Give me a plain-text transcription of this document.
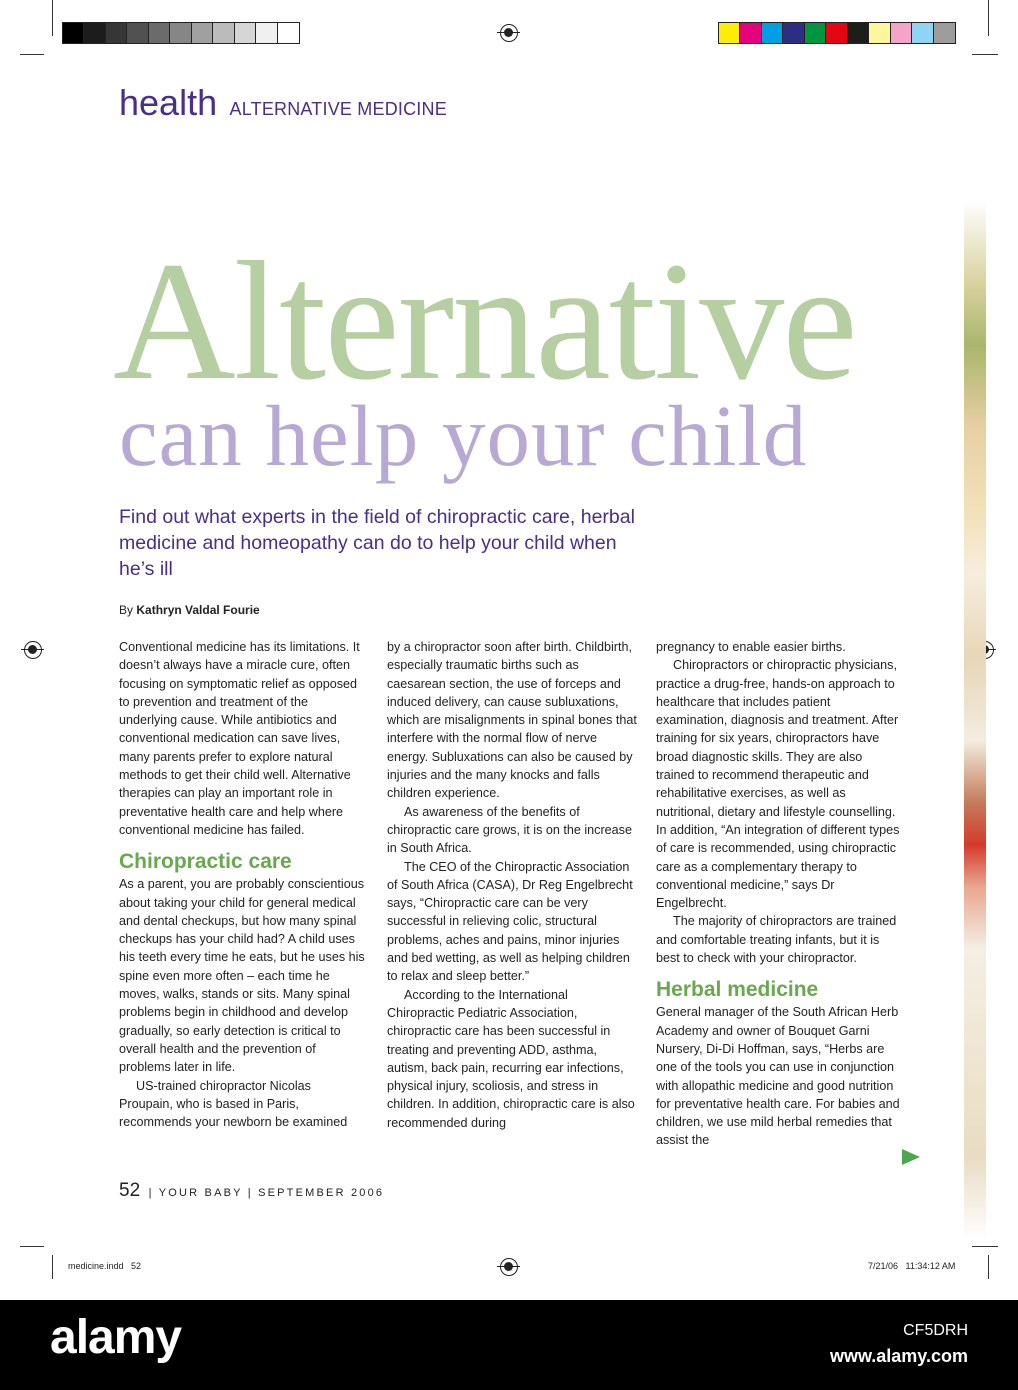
health ALTERNATIVE MEDICINE
Alternative
can help your child
Find out what experts in the field of chiropractic care, herbal medicine and homeopathy can do to help your child when he’s ill
By Kathryn Valdal Fourie

Conventional medicine has its limitations. It doesn’t always have a miracle cure, often focusing on symptomatic relief as opposed to prevention and treatment of the underlying cause. While antibiotics and conventional medication can save lives, many parents prefer to explore natural methods to get their child well. Alternative therapies can play an important role in preventative health care and help where conventional medicine has failed.

Chiropractic care

As a parent, you are probably conscientious about taking your child for general medical and dental checkups, but how many spinal checkups has your child had? A child uses his teeth every time he eats, but he uses his spine even more often – each time he moves, walks, stands or sits. Many spinal problems begin in childhood and develop gradually, so early detection is critical to overall health and the prevention of problems later in life.

US-trained chiropractor Nicolas Proupain, who is based in Paris, recommends your newborn be examined

by a chiropractor soon after birth. Childbirth, especially traumatic births such as caesarean section, the use of forceps and induced delivery, can cause subluxations, which are misalignments in spinal bones that interfere with the normal flow of nerve energy. Subluxations can also be caused by injuries and the many knocks and falls children experience.

As awareness of the benefits of chiropractic care grows, it is on the increase in South Africa.

The CEO of the Chiropractic Association of South Africa (CASA), Dr Reg Engelbrecht says, “Chiropractic care can be very successful in relieving colic, structural problems, aches and pains, minor injuries and bed wetting, as well as helping children to relax and sleep better.”

According to the International Chiropractic Pediatric Association, chiropractic care has been successful in treating and preventing ADD, asthma, autism, back pain, recurring ear infections, physical injury, scoliosis, and stress in children. In addition, chiropractic care is also recommended during

pregnancy to enable easier births.

Chiropractors or chiropractic physicians, practice a drug-free, hands-on approach to healthcare that includes patient examination, diagnosis and treatment. After training for six years, chiropractors have broad diagnostic skills. They are also trained to recommend therapeutic and rehabilitative exercises, as well as nutritional, dietary and lifestyle counselling. In addition, “An integration of different types of care is recommended, using chiropractic care as a complementary therapy to conventional medicine,” says Dr Engelbrecht.

The majority of chiropractors are trained and comfortable treating infants, but it is best to check with your chiropractor.

Herbal medicine

General manager of the South African Herb Academy and owner of Bouquet Garni Nursery, Di-Di Hoffman, says, “Herbs are one of the tools you can use in conjunction with allopathic medicine and good nutrition for preventative health care. For babies and children, we use mild herbal remedies that assist the

52 | YOUR BABY | SEPTEMBER 2006
medicine.indd   52	7/21/06   11:34:12 AM
alamy	CF5DRH
www.alamy.com
